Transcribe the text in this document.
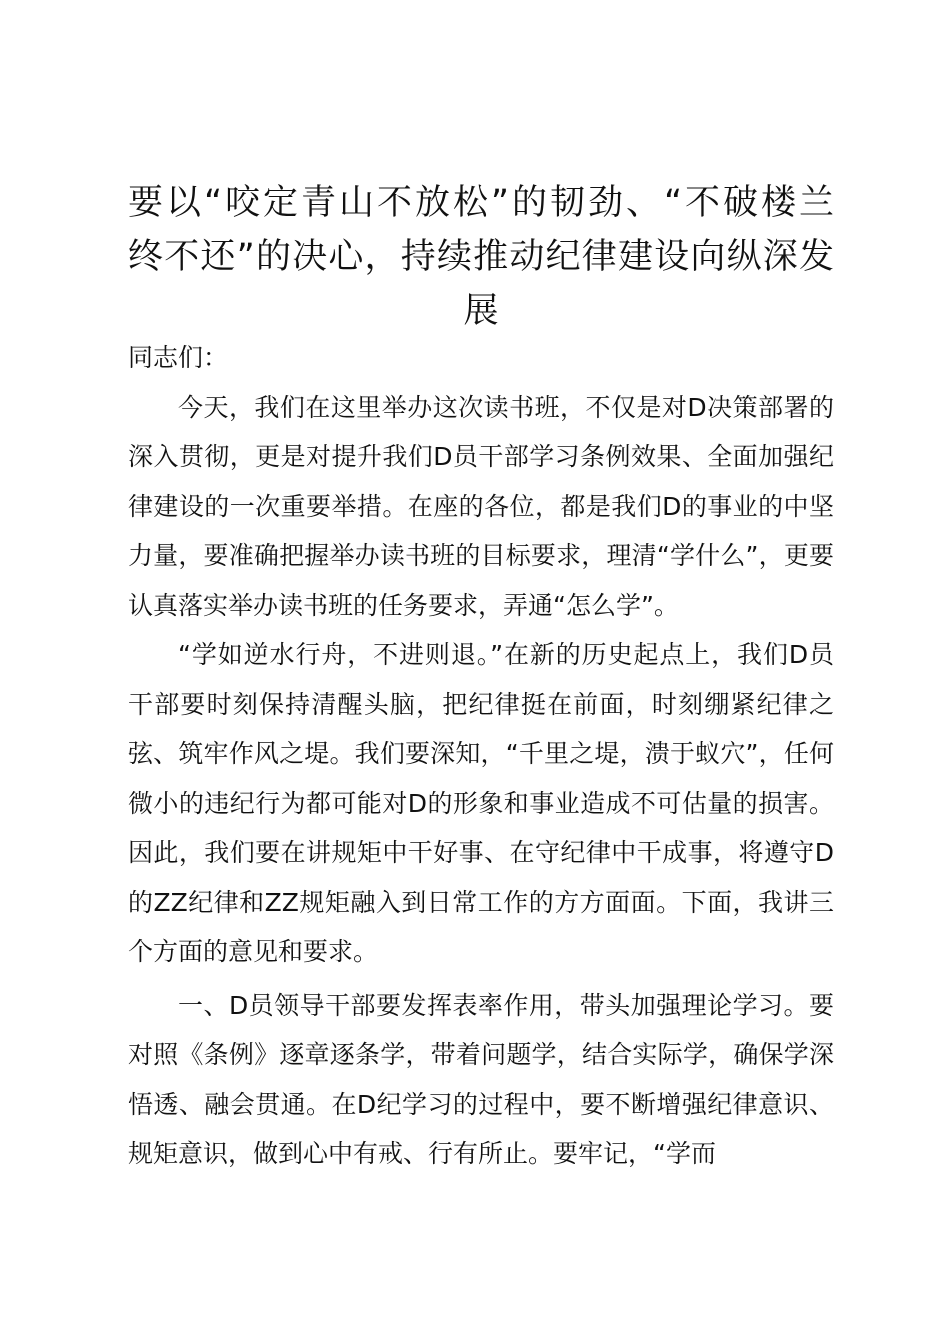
要以“咬定青山不放松”的韧劲、“不破楼兰
终不还”的决心，持续推动纪律建设向纵深发
展

同志们：

今天，我们在这里举办这次读书班，不仅是对D决策部署的深入贯彻，更是对提升我们D员干部学习条例效果、全面加强纪律建设的一次重要举措。在座的各位，都是我们D的事业的中坚力量，要准确把握举办读书班的目标要求，理清“学什么”，更要认真落实举办读书班的任务要求，弄通“怎么学”。

“学如逆水行舟，不进则退。”在新的历史起点上，我们D员干部要时刻保持清醒头脑，把纪律挺在前面，时刻绷紧纪律之弦、筑牢作风之堤。我们要深知，“千里之堤，溃于蚁穴”，任何微小的违纪行为都可能对D的形象和事业造成不可估量的损害。因此，我们要在讲规矩中干好事、在守纪律中干成事，将遵守D的ZZ纪律和ZZ规矩融入到日常工作的方方面面。下面，我讲三个方面的意见和要求。

一、D员领导干部要发挥表率作用，带头加强理论学习。要对照《条例》逐章逐条学，带着问题学，结合实际学，确保学深悟透、融会贯通。在D纪学习的过程中，要不断增强纪律意识、规矩意识，做到心中有戒、行有所止。要牢记，“学而
